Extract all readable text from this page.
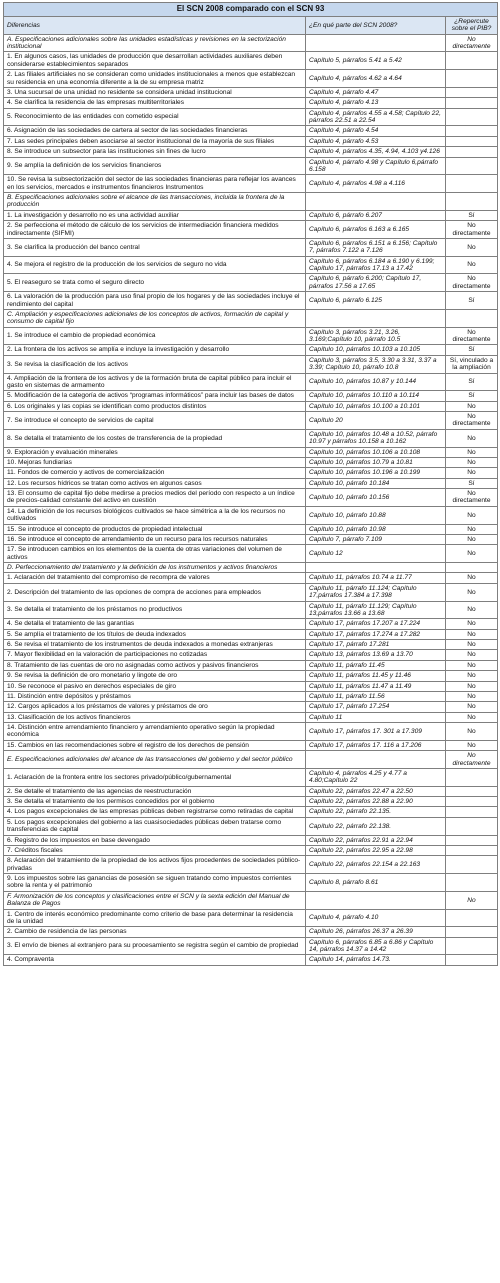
El SCN 2008 comparado con el SCN 93		
Diferencias	¿En qué parte del SCN 2008?	¿Repercute sobre el PIB?
A. Especificaciones adicionales sobre las unidades estadísticas y revisiones en la sectorización institucional		No directamente
1. En algunos casos, las unidades de producción que desarrollan actividades auxiliares deben considerarse establecimientos separados	Capítulo 5, párrafos 5.41 a 5.42	
2. Las filiales artificiales no se consideran como unidades institucionales a menos que establezcan su residencia en una economía diferente a la de su empresa matriz	Capítulo 4, párrafos 4.62 a 4.64	
3. Una sucursal de una unidad no residente se considera unidad institucional	Capítulo 4, párrafo 4.47	
4. Se clarifica la residencia de las empresas multiterritoriales	Capítulo 4, párrafo 4.13	
5. Reconocimiento de las entidades con cometido especial	Capítulo 4, párrafos 4.55 a 4.58; Capítulo 22, párrafos 22.51 a 22.54	
6. Asignación de las sociedades de cartera al sector de las sociedades financieras	Capítulo 4, párrafo 4.54	
7. Las sedes principales deben asociarse al sector institucional de la mayoría de sus filiales	Capítulo 4, párrafo 4.53	
8. Se introduce un subsector para las instituciones sin fines de lucro	Capítulo 4, párrafos 4.35, 4.94, 4.103 y4.126	
9. Se amplía la definición de los servicios financieros	Capítulo 4, párrafo 4.98 y Capítulo 6,párrafo 6.158	
10. Se revisa la subsectorización del sector de las sociedades financieras para reflejar los avances en los servicios, mercados e instrumentos financieros Instrumentos	Capítulo 4, párrafos 4.98 a 4.116	
B. Especificaciones adicionales sobre el alcance de las transacciones, incluida la frontera de la producción		
1. La investigación y desarrollo no es una actividad auxiliar	Capítulo 6, párrafo 6.207	Sí
2. Se perfecciona el método de cálculo de los servicios de intermediación financiera medidos indirectamente (SIFMI)	Capítulo 6, párrafos 6.163 a 6.165	No directamente
3. Se clarifica la producción del banco central	Capítulo 6, párrafos 6.151 a 6.156; Capítulo 7, párrafos 7.122 a 7.126	No
4. Se mejora el registro de la producción de los servicios de seguro no vida	Capítulo 6, párrafos 6.184 a 6.190 y 6.199; Capítulo 17, párrafos 17.13 a 17.42	No
5. El reaseguro se trata como el seguro directo	Capítulo 6, párrafo 6.200; Capítulo 17, párrafos 17.56 a 17.65	No directamente
6. La valoración de la producción para uso final propio de los hogares y de las sociedades incluye el rendimiento del capital	Capítulo 6, párrafo 6.125	Sí
C. Ampliación y especificaciones adicionales de los conceptos de activos, formación de capital y consumo de capital fijo		
1. Se introduce el cambio de propiedad económica	Capítulo 3, párrafos 3.21, 3.26, 3.169;Capítulo 10, párrafo 10.5	No directamente
2. La frontera de los activos se amplía e incluye la investigación y desarrollo	Capítulo 10, párrafos 10.103 a 10.105	Sí
3. Se revisa la clasificación de los activos	Capítulo 3, párrafos 3.5, 3.30 a 3.31, 3.37 a 3.39; Capítulo 10, párrafo 10.8	Sí, vinculado a la ampliación
4. Ampliación de la frontera de los activos y de la formación bruta de capital público para incluir el gasto en sistemas de armamento	Capítulo 10, párrafos 10.87 y 10.144	Sí
5. Modificación de la categoría de activos “programas informáticos” para incluir las bases de datos	Capítulo 10, párrafos 10.110 a 10.114	Sí
6. Los originales y las copias se identifican como productos distintos	Capítulo 10, párrafos 10.100 a 10.101	No
7. Se introduce el concepto de servicios de capital	Capítulo 20	No directamente
8. Se detalla el tratamiento de los costes de transferencia de la propiedad	Capítulo 10, párrafos 10.48 a 10.52, párrafo 10.97 y párrafos 10.158 a 10.162	No
9. Exploración y evaluación minerales	Capítulo 10, párrafos 10.106 a 10.108	No
10. Mejoras fundiarias	Capítulo 10, párrafos 10.79 a 10.81	No
11. Fondos de comercio y activos de comercialización	Capítulo 10, párrafos 10.196 a 10.199	No
12. Los recursos hídricos se tratan como activos en algunos casos	Capítulo 10, párrafo 10.184	Sí
13. El consumo de capital fijo debe medirse a precios medios del período con respecto a un índice de precios-calidad constante del activo en cuestión	Capítulo 10, párrafo 10.156	No directamente
14. La definición de los recursos biológicos cultivados se hace simétrica a la de los recursos no cultivados	Capítulo 10, párrafo 10.88	No
15. Se introduce el concepto de productos de propiedad intelectual	Capítulo 10, párrafo 10.98	No
16. Se introduce el concepto de arrendamiento de un recurso para los recursos naturales	Capítulo 7, párrafo 7.109	No
17. Se introducen cambios en los elementos de la cuenta de otras variaciones del volumen de activos	Capítulo 12	No
D. Perfeccionamiento del tratamiento y la definición de los instrumentos y activos financieros		
1. Aclaración del tratamiento del compromiso de recompra de valores	Capítulo 11, párrafos 10.74 a 11.77	No
2. Descripción del tratamiento de las opciones de compra de acciones para empleados	Capítulo 11, párrafo 11.124; Capítulo 17,párrafos 17.384 a 17.398	No
3. Se detalla el tratamiento de los préstamos no productivos	Capítulo 11, párrafo 11.129; Capítulo 13,párrafos 13.66 a 13.68	No
4. Se detalla el tratamiento de las garantías	Capítulo 17, párrafos 17.207 a 17.224	No
5. Se amplía el tratamiento de los títulos de deuda indexados	Capítulo 17, párrafos 17.274 a 17.282	No
6. Se revisa el tratamiento de los instrumentos de deuda indexados a monedas extranjeras	Capítulo 17, párrafo 17.281	No
7. Mayor flexibilidad en la valoración de participaciones no cotizadas	Capítulo 13, párrafos 13.69 a 13.70	No
8. Tratamiento de las cuentas de oro no asignadas como activos y pasivos financieros	Capítulo 11, párrafo 11.45	No
9. Se revisa la definición de oro monetario y lingote de oro	Capítulo 11, párrafos 11.45 y 11.46	No
10. Se reconoce el pasivo en derechos especiales de giro	Capítulo 11, párrafos 11.47 a 11.49	No
11. Distinción entre depósitos y préstamos	Capítulo 11, párrafo 11.56	No
12. Cargos aplicados a los préstamos de valores y préstamos de oro	Capítulo 17, párrafo 17.254	No
13. Clasificación de los activos financieros	Capítulo 11	No
14. Distinción entre arrendamiento financiero y arrendamiento operativo según la propiedad económica	Capítulo 17, párrafos 17. 301 a 17.309	No
15. Cambios en las recomendaciones sobre el registro de los derechos de pensión	Capítulo 17, párrafos 17. 116 a 17.206	No
E. Especificaciones adicionales del alcance de las transacciones del gobierno y del sector público		No directamente
1. Aclaración de la frontera entre los sectores privado/público/gubernamental	Capítulo 4, párrafos 4.25 y 4.77 a 4.80;Capítulo 22	
2. Se detalle el tratamiento de las agencias de reestructuración	Capítulo 22, párrafos 22.47 a 22.50	
3. Se detalla el tratamiento de los permisos concedidos por el gobierno	Capítulo 22, párrafos 22.88 a 22.90	
4. Los pagos excepcionales de las empresas públicas deben registrarse como retiradas de capital	Capítulo 22, párrafo 22.135.	
5. Los pagos excepcionales del gobierno a las cuasisociedades públicas deben tratarse como transferencias de capital	Capítulo 22, párrafo 22.138.	
6. Registro de los impuestos en base devengado	Capítulo 22, párrafos 22.91 a 22.94	
7. Créditos fiscales	Capítulo 22, párrafos 22.95 a 22.98	
8. Aclaración del tratamiento de la propiedad de los activos fijos procedentes de sociedades público-privadas	Capítulo 22, párrafos 22.154 a 22.163	
9. Los impuestos sobre las ganancias de posesión se siguen tratando como impuestos corrientes sobre la renta y el patrimonio	Capítulo 8, párrafo 8.61	
F. Armonización de los conceptos y clasificaciones entre el SCN y la sexta edición del Manual de Balanza de Pagos		No
1. Centro de interés económico predominante como criterio de base para determinar la residencia de la unidad	Capítulo 4, párrafo 4.10	
2. Cambio de residencia de las personas	Capítulo 26, párrafos 26.37 a 26.39	
3. El envío de bienes al extranjero para su procesamiento se registra según el cambio de propiedad	Capítulo 6, párrafos 6.85 a 6.86 y Capítulo 14, párrafos 14.37 a 14.42	
4. Compraventa	Capítulo 14, párrafos 14.73.	
